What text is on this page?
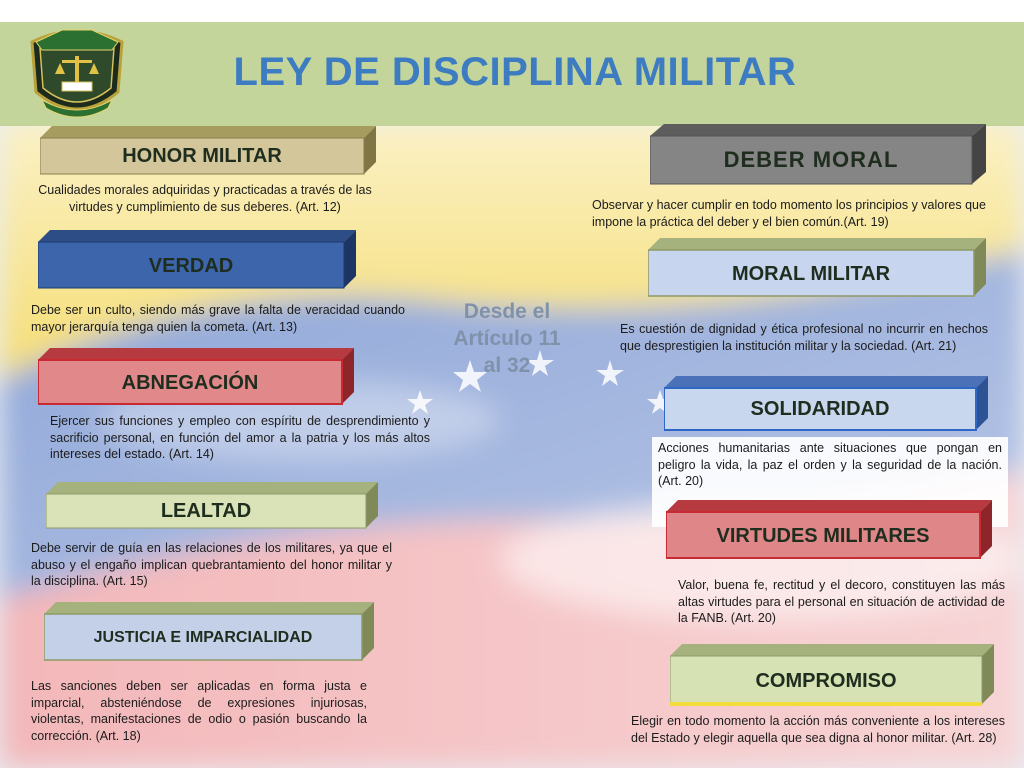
LEY DE DISCIPLINA MILITAR
Desde el
Artículo 11
al 32
HONOR MILITAR
Cualidades morales adquiridas y practicadas a través de las virtudes y cumplimiento de sus deberes. (Art. 12)
VERDAD
Debe ser un culto, siendo más grave la falta de veracidad cuando mayor jerarquía tenga quien la cometa. (Art. 13)
ABNEGACIÓN
Ejercer sus funciones y empleo con espíritu de desprendimiento y sacrificio personal, en función del amor a la patria y los más altos intereses del estado. (Art. 14)
LEALTAD
Debe servir de guía en las relaciones de los militares, ya que el abuso y el engaño implican quebrantamiento del honor militar y la disciplina. (Art. 15)
JUSTICIA E IMPARCIALIDAD
Las sanciones deben ser aplicadas en forma justa e imparcial, absteniéndose de expresiones injuriosas, violentas, manifestaciones de odio o pasión buscando la corrección. (Art. 18)
DEBER MORAL
Observar y hacer cumplir en todo momento los principios y valores que impone la práctica del deber y el bien común.(Art. 19)
MORAL MILITAR
Es cuestión de dignidad y ética profesional no incurrir en hechos que desprestigien la institución militar y la sociedad. (Art. 21)
SOLIDARIDAD
Acciones humanitarias ante situaciones que pongan en peligro la vida, la paz el orden y la seguridad de la nación. (Art. 20)
VIRTUDES MILITARES
Valor, buena fe, rectitud y el decoro, constituyen las más altas virtudes para el personal en situación de actividad de la FANB. (Art. 20)
COMPROMISO
Elegir en todo momento la acción más conveniente a los intereses del Estado y elegir aquella que sea digna al honor militar. (Art. 28)
